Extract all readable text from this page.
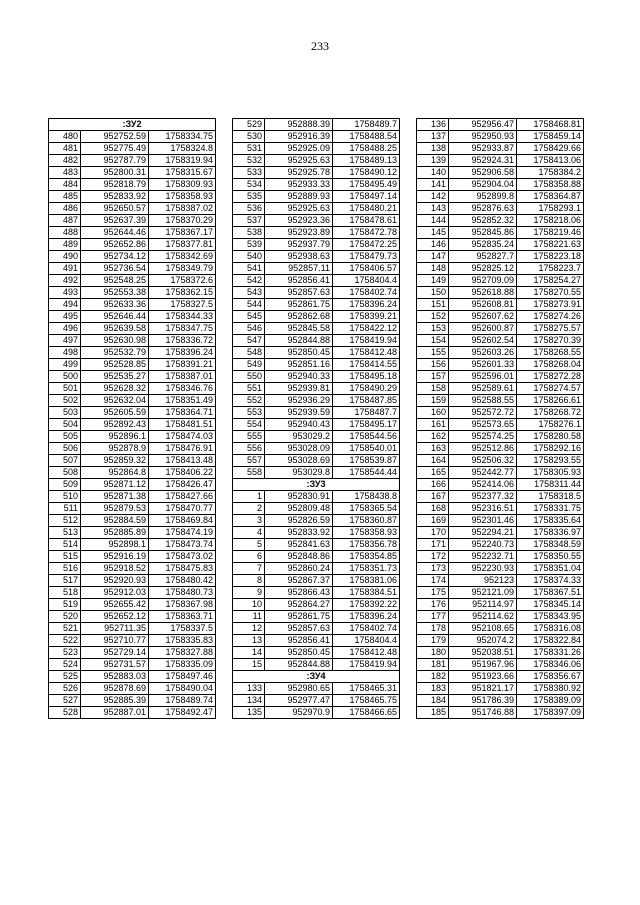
233
:ЗУ2		
480	952752.59	1758334.75
481	952775.49	1758324.8
482	952787.79	1758319.94
483	952800.31	1758315.67
484	952818.79	1758309.93
485	952833.92	1758358.93
486	952650.57	1758387.02
487	952637.39	1758370.29
488	952644.46	1758367.17
489	952652.86	1758377.81
490	952734.12	1758342.69
491	952736.54	1758349.79
492	952548.25	1758372.6
493	952553.38	1758362.15
494	952633.36	1758327.5
495	952646.44	1758344.33
496	952639.58	1758347.75
497	952630.98	1758336.72
498	952532.79	1758396.24
499	952528.85	1758391.21
500	952535.27	1758387.01
501	952628.32	1758346.76
502	952632.04	1758351.49
503	952605.59	1758364.71
504	952892.43	1758481.51
505	952896.1	1758474.03
506	952878.9	1758476.91
507	952859.32	1758413.48
508	952864.8	1758406.22
509	952871.12	1758426.47
510	952871.38	1758427.66
511	952879.53	1758470.77
512	952884.59	1758469.84
513	952885.89	1758474.19
514	952898.1	1758473.74
515	952916.19	1758473.02
516	952918.52	1758475.83
517	952920.93	1758480.42
518	952912.03	1758480.73
519	952655.42	1758367.98
520	952652.12	1758363.71
521	952711.35	1758337.5
522	952710.77	1758335.83
523	952729.14	1758327.88
524	952731.57	1758335.09
525	952883.03	1758497.46
526	952878.69	1758490.04
527	952885.39	1758489.74
528	952887.01	1758492.47
529	952888.39	1758489.7
530	952916.39	1758488.54
531	952925.09	1758488.25
532	952925.63	1758489.13
533	952925.78	1758490.12
534	952933.33	1758495.49
535	952889.93	1758497.14
536	952925.63	1758480.21
537	952923.36	1758478.61
538	952923.89	1758472.78
539	952937.79	1758472.25
540	952938.63	1758479.73
541	952857.11	1758406.57
542	952856.41	1758404.4
543	952857.63	1758402.74
544	952861.75	1758396.24
545	952862.68	1758399.21
546	952845.58	1758422.12
547	952844.88	1758419.94
548	952850.45	1758412.48
549	952851.16	1758414.55
550	952940.33	1758495.18
551	952939.81	1758490.29
552	952936.29	1758487.85
553	952939.59	1758487.7
554	952940.43	1758495.17
555	953029.2	1758544.56
556	953028.09	1758540.01
557	953028.69	1758539.87
558	953029.8	1758544.44
:ЗУ3		
1	952830.91	1758438.8
2	952809.48	1758365.54
3	952826.59	1758360.87
4	952833.92	1758358.93
5	952841.63	1758356.78
6	952848.86	1758354.85
7	952860.24	1758351.73
8	952867.37	1758381.06
9	952866.43	1758384.51
10	952864.27	1758392.22
11	952861.75	1758396.24
12	952857.63	1758402.74
13	952856.41	1758404.4
14	952850.45	1758412.48
15	952844.88	1758419.94
:ЗУ4		
133	952980.65	1758465.31
134	952977.47	1758465.75
135	952970.9	1758466.65
136	952956.47	1758468.81
137	952950.93	1758459.14
138	952933.87	1758429.66
139	952924.31	1758413.06
140	952906.58	1758384.2
141	952904.04	1758358.88
142	952899.8	1758364.87
143	952876.63	1758293.1
144	952852.32	1758218.06
145	952845.86	1758219.46
146	952835.24	1758221.63
147	952827.7	1758223.18
148	952825.12	1758223.7
149	952709.09	1758254.27
150	952618.88	1758270.55
151	952608.81	1758273.91
152	952607.62	1758274.26
153	952600.87	1758275.57
154	952602.54	1758270.39
155	952603.26	1758268.55
156	952601.33	1758268.04
157	952596.01	1758272.28
158	952589.61	1758274.57
159	952588.55	1758266.61
160	952572.72	1758268.72
161	952573.65	1758276.1
162	952574.25	1758280.58
163	952512.86	1758292.16
164	952506.32	1758293.55
165	952442.77	1758305.93
166	952414.06	1758311.44
167	952377.32	1758318.5
168	952316.51	1758331.75
169	952301.46	1758335.64
170	952294.21	1758336.97
171	952240.73	1758348.59
172	952232.71	1758350.55
173	952230.93	1758351.04
174	952123	1758374.33
175	952121.09	1758367.51
176	952114.97	1758345.14
177	952114.62	1758343.95
178	952108.65	1758316.08
179	952074.2	1758322.84
180	952038.51	1758331.26
181	951967.96	1758346.06
182	951923.66	1758356.67
183	951821.17	1758380.92
184	951786.39	1758389.09
185	951746.88	1758397.09
